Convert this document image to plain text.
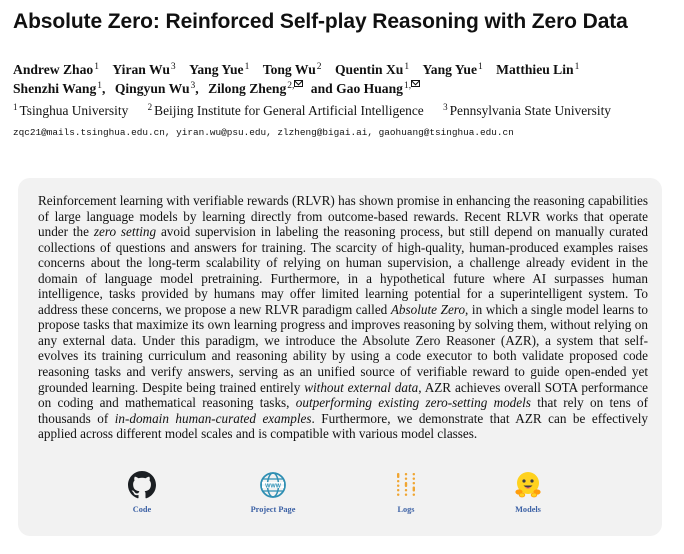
Absolute Zero: Reinforced Self-play Reasoning with Zero Data
Andrew Zhao$^1$ Yiran Wu$^3$ Yang Yue$^1$ Tong Wu$^2$ Quentin Xu$^1$ Yang Yue$^1$ Matthieu Lin$^1$
Shenzhi Wang$^1$, Qingyun Wu$^3$, Zilong Zheng$^{2,}$ and Gao Huang$^{1,}$
$^1$ Tsinghua University $^2$ Beijing Institute for General Artificial Intelligence $^3$ Pennsylvania State University
zqc21@mails.tsinghua.edu.cn, yiran.wu@psu.edu, zlzheng@bigai.ai, gaohuang@tsinghua.edu.cn
Reinforcement learning with verifiable rewards (RLVR) has shown promise in enhancing the reasoning capabilities of large language models by learning directly from outcome-based rewards. Recent RLVR works that operate under the zero setting avoid supervision in labeling the reasoning process, but still depend on manually curated collections of questions and answers for training. The scarcity of high-quality, human-produced examples raises concerns about the long-term scalability of relying on human supervision, a challenge already evident in the domain of language model pretraining. Furthermore, in a hypothetical future where AI surpasses human intelligence, tasks provided by humans may offer limited learning potential for a superintelligent system. To address these concerns, we propose a new RLVR paradigm called Absolute Zero, in which a single model learns to propose tasks that maximize its own learning progress and improves reasoning by solving them, without relying on any external data. Under this paradigm, we introduce the Absolute Zero Reasoner (AZR), a system that self-evolves its training curriculum and reasoning ability by using a code executor to both validate proposed code reasoning tasks and verify answers, serving as an unified source of verifiable reward to guide open-ended yet grounded learning. Despite being trained entirely without external data, AZR achieves overall SOTA performance on coding and mathematical reasoning tasks, outperforming existing zero-setting models that rely on tens of thousands of in-domain human-curated examples. Furthermore, we demonstrate that AZR can be effectively applied across different model scales and is compatible with various model classes.
Code
WWW
Project Page	Logs	Models
